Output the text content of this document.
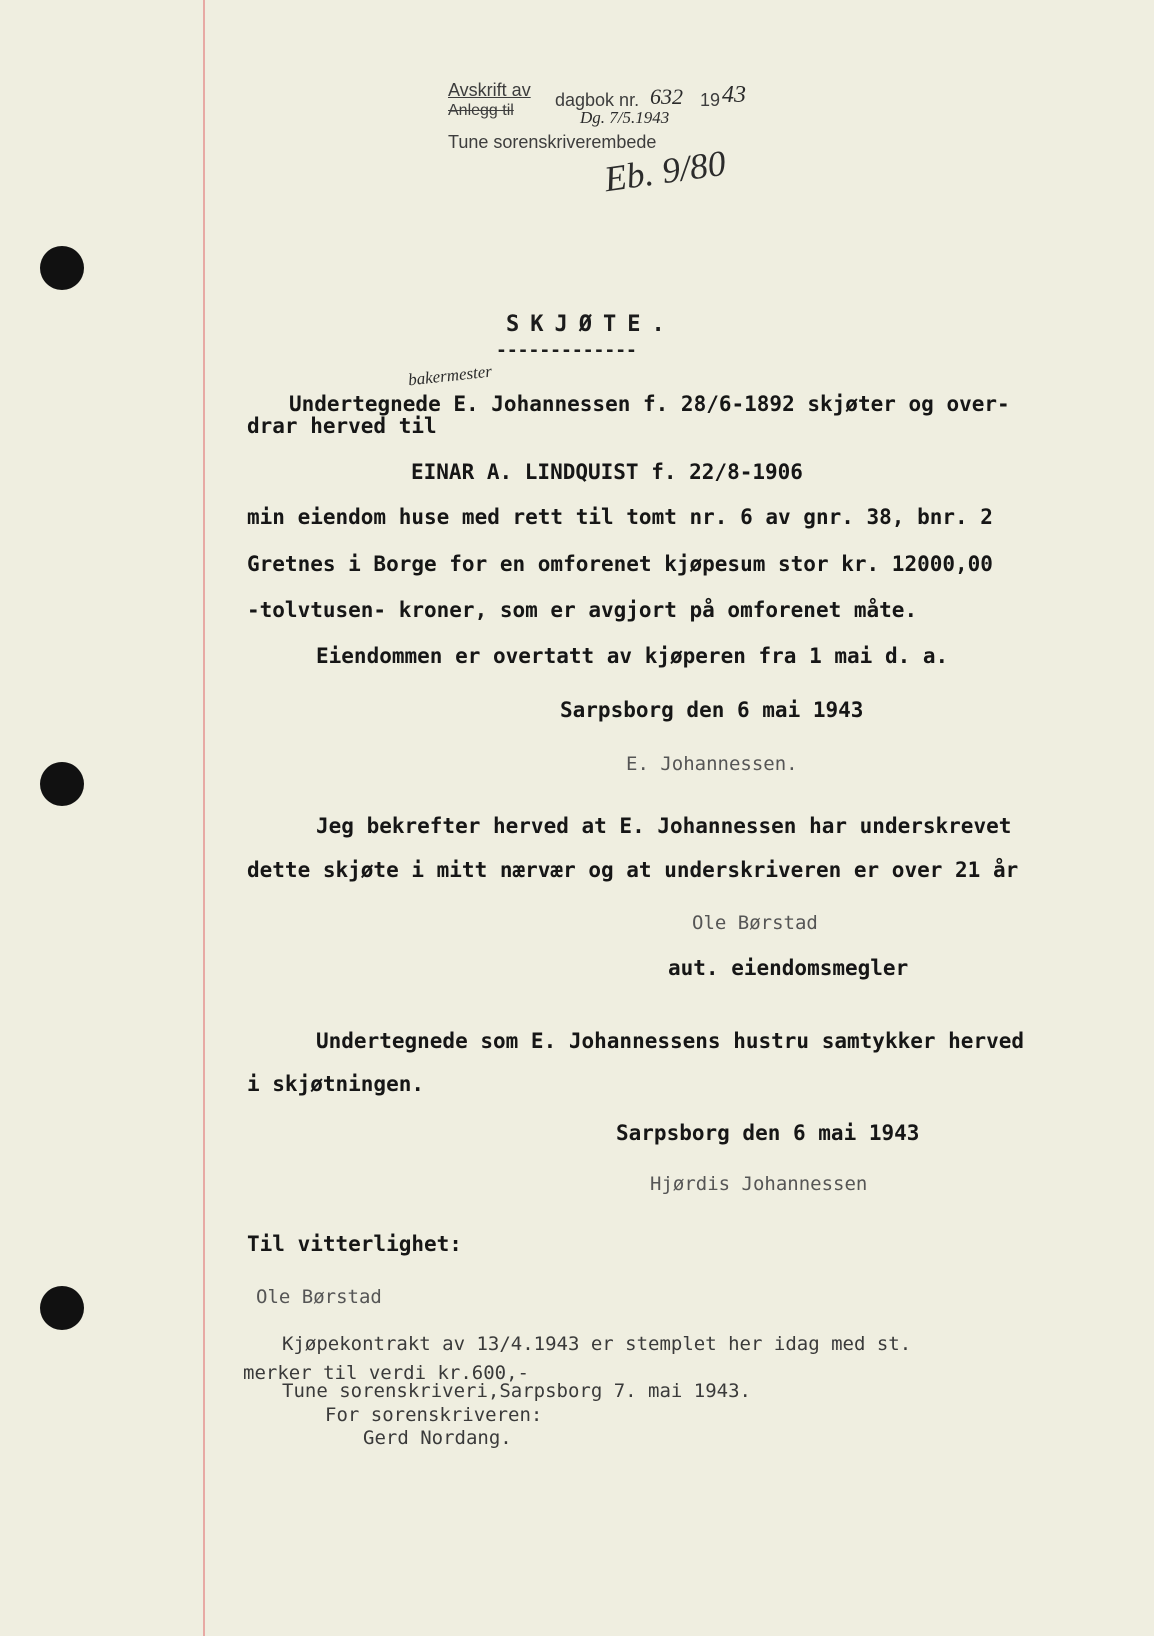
Avskrift av
Anlegg til
dagbok nr. 632 19 43
Dg. 7/5.1943
Tune sorenskriverembede
Eb. 9/80
SKJØTE.
-------------
bakermester
Undertegnede E. Johannessen f. 28/6-1892 skjøter og over-
drar herved til
EINAR A. LINDQUIST f. 22/8-1906
min eiendom huse med rett til tomt nr. 6 av gnr. 38, bnr. 2
Gretnes i Borge for en omforenet kjøpesum stor kr. 12000,00
-tolvtusen- kroner, som er avgjort på omforenet måte.
Eiendommen er overtatt av kjøperen fra 1 mai d. a.
Sarpsborg den 6 mai 1943
E. Johannessen.
Jeg bekrefter herved at E. Johannessen har underskrevet
dette skjøte i mitt nærvær og at underskriveren er over 21 år
Ole Børstad
aut. eiendomsmegler
Undertegnede som E. Johannessens hustru samtykker herved
i skjøtningen.
Sarpsborg den 6 mai 1943
Hjørdis Johannessen
Til vitterlighet:
Ole Børstad
Kjøpekontrakt av 13/4.1943 er stemplet her idag med st.
merker til verdi kr.600,-
Tune sorenskriveri,Sarpsborg 7. mai 1943.
For sorenskriveren:
Gerd Nordang.
